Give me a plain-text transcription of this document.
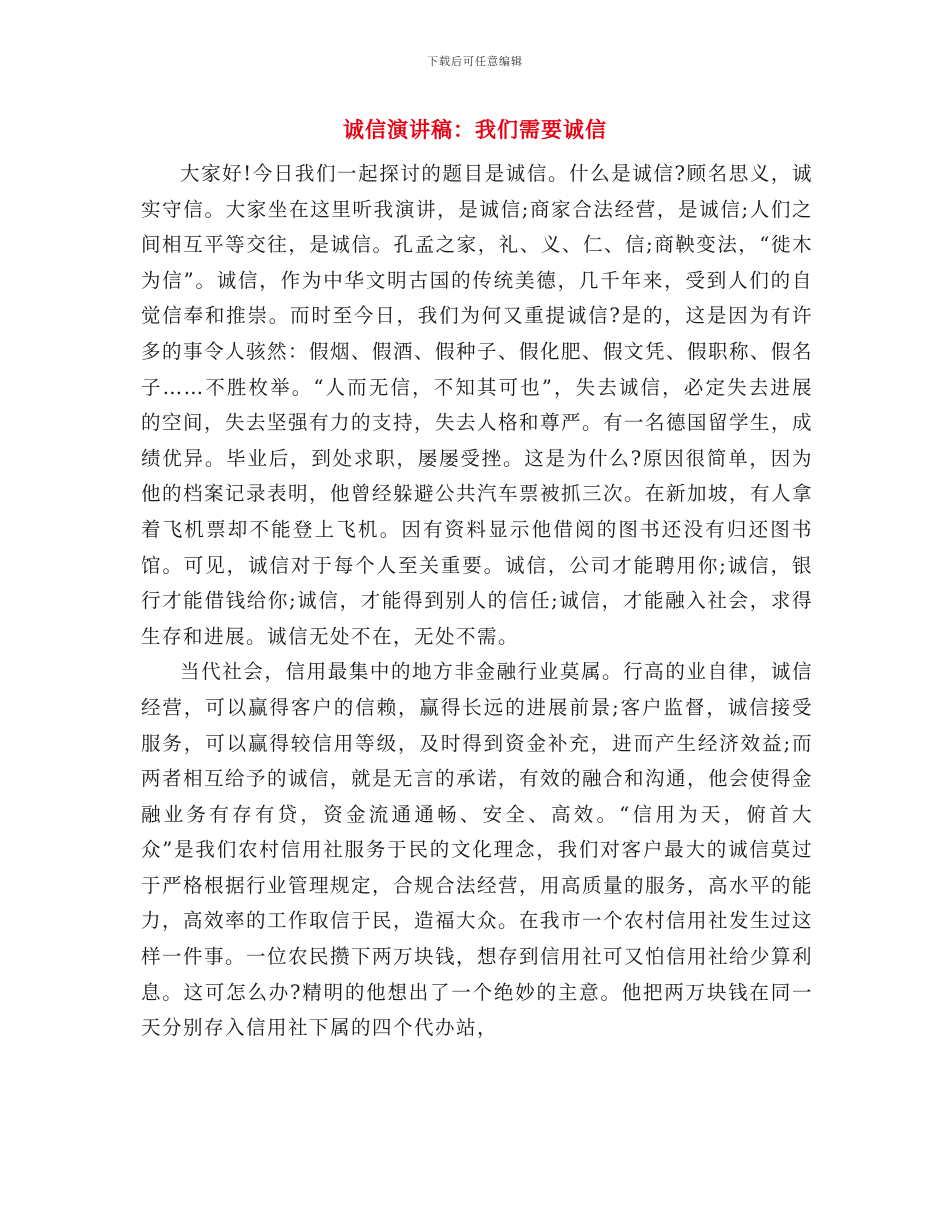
下载后可任意编辑
诚信演讲稿：我们需要诚信

大家好!今日我们一起探讨的题目是诚信。什么是诚信?顾名思义，诚实守信。大家坐在这里听我演讲，是诚信;商家合法经营，是诚信;人们之间相互平等交往，是诚信。孔孟之家，礼、义、仁、信;商鞅变法，“徙木为信”。诚信，作为中华文明古国的传统美德，几千年来，受到人们的自觉信奉和推崇。而时至今日，我们为何又重提诚信?是的，这是因为有许多的事令人骇然：假烟、假酒、假种子、假化肥、假文凭、假职称、假名子……不胜枚举。“人而无信，不知其可也”，失去诚信，必定失去进展的空间，失去坚强有力的支持，失去人格和尊严。有一名德国留学生，成绩优异。毕业后，到处求职，屡屡受挫。这是为什么?原因很简单，因为他的档案记录表明，他曾经躲避公共汽车票被抓三次。在新加坡，有人拿着飞机票却不能登上飞机。因有资料显示他借阅的图书还没有归还图书馆。可见，诚信对于每个人至关重要。诚信，公司才能聘用你;诚信，银行才能借钱给你;诚信，才能得到别人的信任;诚信，才能融入社会，求得生存和进展。诚信无处不在，无处不需。

当代社会，信用最集中的地方非金融行业莫属。行高的业自律，诚信经营，可以赢得客户的信赖，赢得长远的进展前景;客户监督，诚信接受服务，可以赢得较信用等级，及时得到资金补充，进而产生经济效益;而两者相互给予的诚信，就是无言的承诺，有效的融合和沟通，他会使得金融业务有存有贷，资金流通通畅、安全、高效。“信用为天，俯首大众”是我们农村信用社服务于民的文化理念，我们对客户最大的诚信莫过于严格根据行业管理规定，合规合法经营，用高质量的服务，高水平的能力，高效率的工作取信于民，造福大众。在我市一个农村信用社发生过这样一件事。一位农民攒下两万块钱，想存到信用社可又怕信用社给少算利息。这可怎么办?精明的他想出了一个绝妙的主意。他把两万块钱在同一天分别存入信用社下属的四个代办站，
